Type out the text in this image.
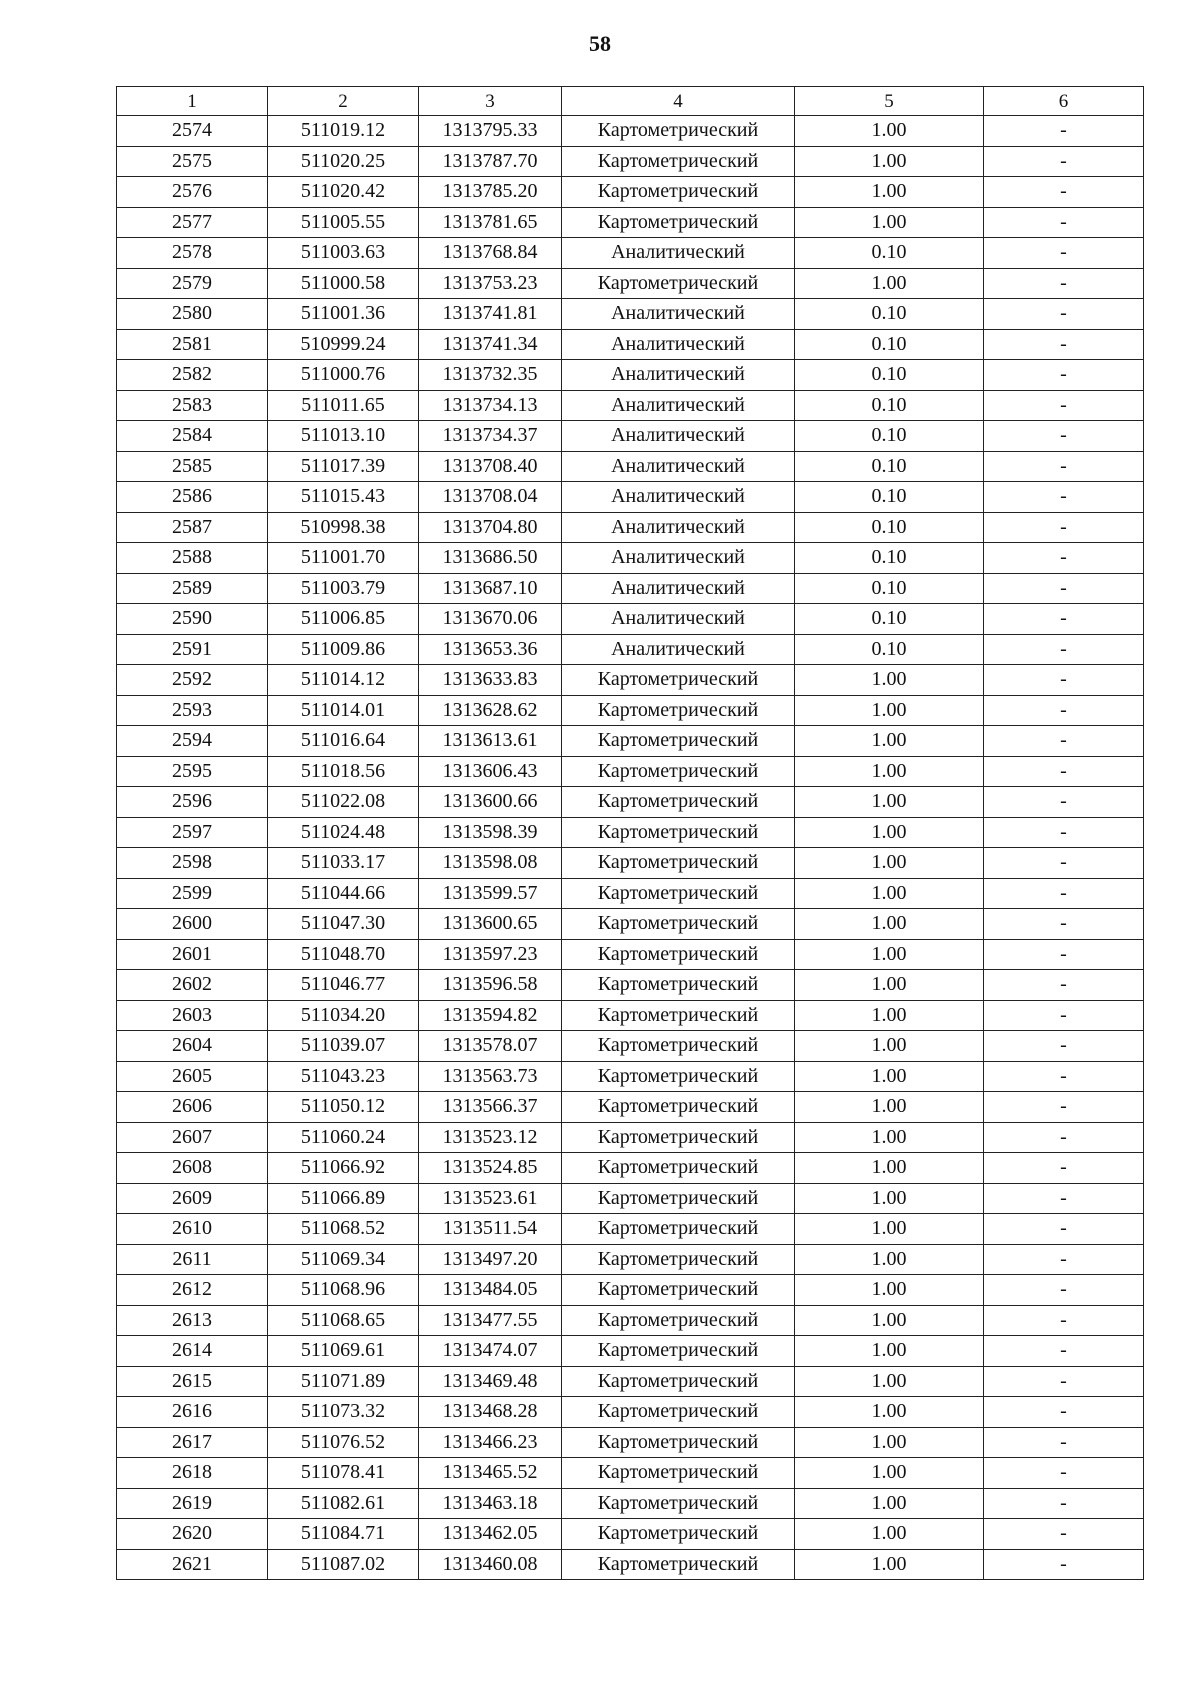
58
1	2	3	4	5	6
2574	511019.12	1313795.33	Картометрический	1.00	-
2575	511020.25	1313787.70	Картометрический	1.00	-
2576	511020.42	1313785.20	Картометрический	1.00	-
2577	511005.55	1313781.65	Картометрический	1.00	-
2578	511003.63	1313768.84	Аналитический	0.10	-
2579	511000.58	1313753.23	Картометрический	1.00	-
2580	511001.36	1313741.81	Аналитический	0.10	-
2581	510999.24	1313741.34	Аналитический	0.10	-
2582	511000.76	1313732.35	Аналитический	0.10	-
2583	511011.65	1313734.13	Аналитический	0.10	-
2584	511013.10	1313734.37	Аналитический	0.10	-
2585	511017.39	1313708.40	Аналитический	0.10	-
2586	511015.43	1313708.04	Аналитический	0.10	-
2587	510998.38	1313704.80	Аналитический	0.10	-
2588	511001.70	1313686.50	Аналитический	0.10	-
2589	511003.79	1313687.10	Аналитический	0.10	-
2590	511006.85	1313670.06	Аналитический	0.10	-
2591	511009.86	1313653.36	Аналитический	0.10	-
2592	511014.12	1313633.83	Картометрический	1.00	-
2593	511014.01	1313628.62	Картометрический	1.00	-
2594	511016.64	1313613.61	Картометрический	1.00	-
2595	511018.56	1313606.43	Картометрический	1.00	-
2596	511022.08	1313600.66	Картометрический	1.00	-
2597	511024.48	1313598.39	Картометрический	1.00	-
2598	511033.17	1313598.08	Картометрический	1.00	-
2599	511044.66	1313599.57	Картометрический	1.00	-
2600	511047.30	1313600.65	Картометрический	1.00	-
2601	511048.70	1313597.23	Картометрический	1.00	-
2602	511046.77	1313596.58	Картометрический	1.00	-
2603	511034.20	1313594.82	Картометрический	1.00	-
2604	511039.07	1313578.07	Картометрический	1.00	-
2605	511043.23	1313563.73	Картометрический	1.00	-
2606	511050.12	1313566.37	Картометрический	1.00	-
2607	511060.24	1313523.12	Картометрический	1.00	-
2608	511066.92	1313524.85	Картометрический	1.00	-
2609	511066.89	1313523.61	Картометрический	1.00	-
2610	511068.52	1313511.54	Картометрический	1.00	-
2611	511069.34	1313497.20	Картометрический	1.00	-
2612	511068.96	1313484.05	Картометрический	1.00	-
2613	511068.65	1313477.55	Картометрический	1.00	-
2614	511069.61	1313474.07	Картометрический	1.00	-
2615	511071.89	1313469.48	Картометрический	1.00	-
2616	511073.32	1313468.28	Картометрический	1.00	-
2617	511076.52	1313466.23	Картометрический	1.00	-
2618	511078.41	1313465.52	Картометрический	1.00	-
2619	511082.61	1313463.18	Картометрический	1.00	-
2620	511084.71	1313462.05	Картометрический	1.00	-
2621	511087.02	1313460.08	Картометрический	1.00	-
